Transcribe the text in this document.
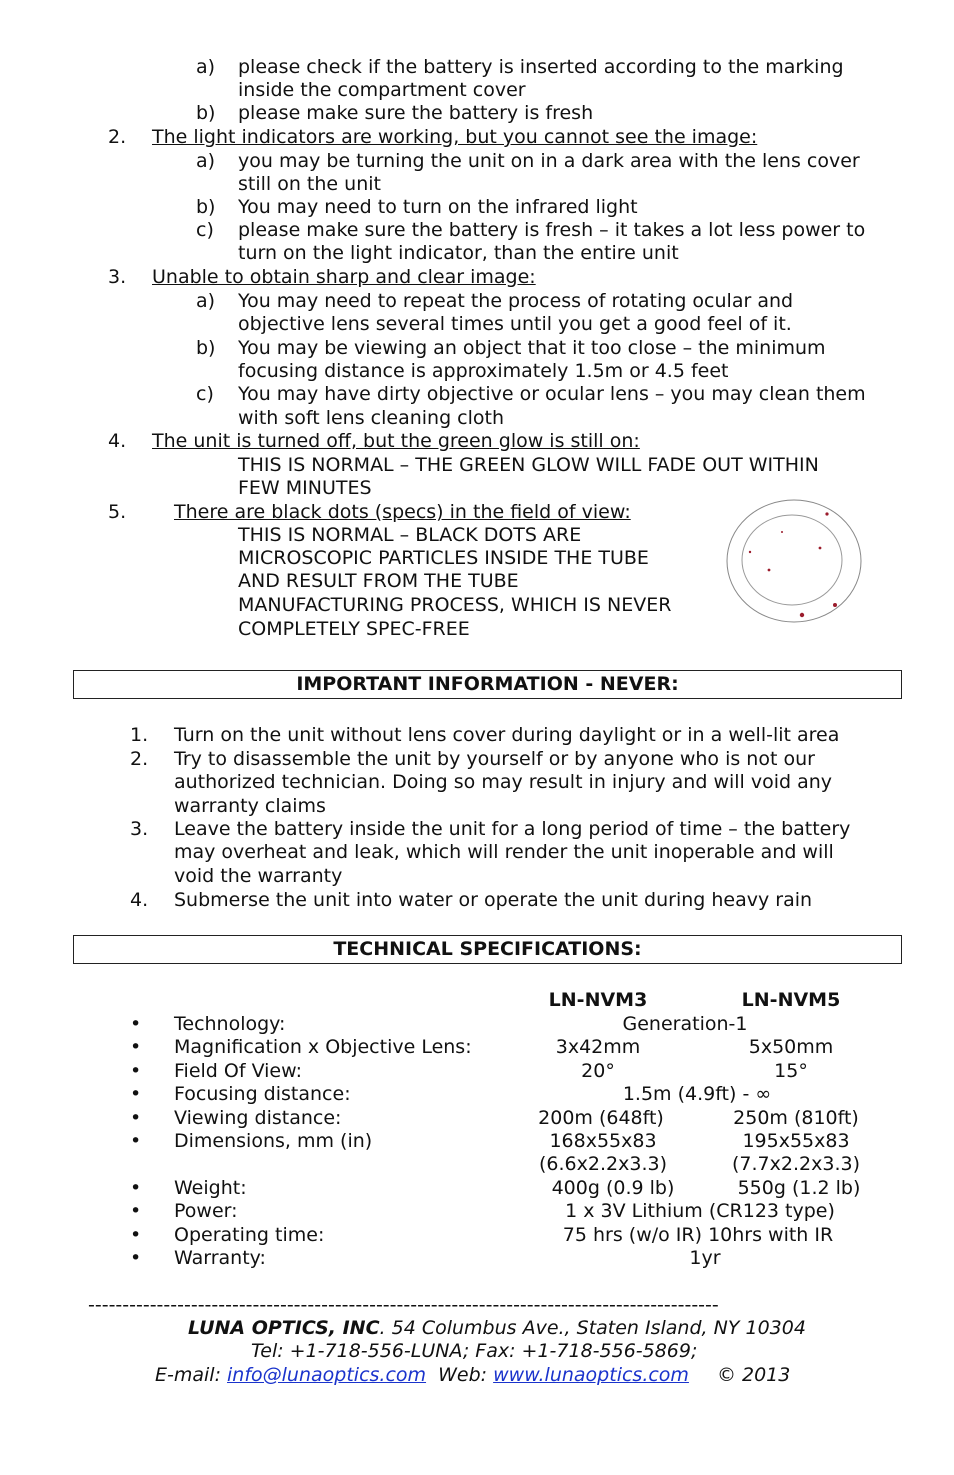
a) please check if the battery is inserted according to the marking
inside the compartment cover
b) please make sure the battery is fresh
2. The light indicators are working, but you cannot see the image:
a) you may be turning the unit on in a dark area with the lens cover
still on the unit
b) You may need to turn on the infrared light
c) please make sure the battery is fresh – it takes a lot less power to
turn on the light indicator, than the entire unit
3. Unable to obtain sharp and clear image:
a) You may need to repeat the process of rotating ocular and
objective lens several times until you get a good feel of it.
b) You may be viewing an object that it too close – the minimum
focusing distance is approximately 1.5m or 4.5 feet
c) You may have dirty objective or ocular lens – you may clean them
with soft lens cleaning cloth
4. The unit is turned off, but the green glow is still on:
THIS IS NORMAL – THE GREEN GLOW WILL FADE OUT WITHIN
FEW MINUTES
5.	There are black dots (specs) in the field of view:
THIS IS NORMAL – BLACK DOTS ARE
MICROSCOPIC PARTICLES INSIDE THE TUBE
AND RESULT FROM THE TUBE
MANUFACTURING PROCESS, WHICH IS NEVER
COMPLETELY SPEC-FREE
IMPORTANT INFORMATION - NEVER:
1. Turn on the unit without lens cover during daylight or in a well-lit area
2. Try to disassemble the unit by yourself or by anyone who is not our
authorized technician. Doing so may result in injury and will void any
warranty claims
3. Leave the battery inside the unit for a long period of time – the battery
may overheat and leak, which will render the unit inoperable and will
void the warranty
4. Submerse the unit into water or operate the unit during heavy rain
TECHNICAL SPECIFICATIONS:
LN-NVM3	LN-NVM5
• Technology:	Generation-1
• Magnification x Objective Lens:	3x42mm	5x50mm
• Field Of View:	20°	15°
• Focusing distance:	1.5m (4.9ft) - ∞
• Viewing distance:	200m (648ft)	250m (810ft)
• Dimensions, mm (in)	168x55x83	195x55x83
(6.6x2.2x3.3)	(7.7x2.2x3.3)
• Weight:	400g (0.9 lb)	550g (1.2 lb)
• Power:	1 x 3V Lithium (CR123 type)
• Operating time:	75 hrs (w/o IR) 10hrs with IR
• Warranty:	1yr
--------------------------------------------------------------------------------------------
LUNA OPTICS, INC. 54 Columbus Ave., Staten Island, NY 10304
Tel: +1-718-556-LUNA; Fax: +1-718-556-5869;
E-mail: info@lunaoptics.com  Web: www.lunaoptics.com © 2013
